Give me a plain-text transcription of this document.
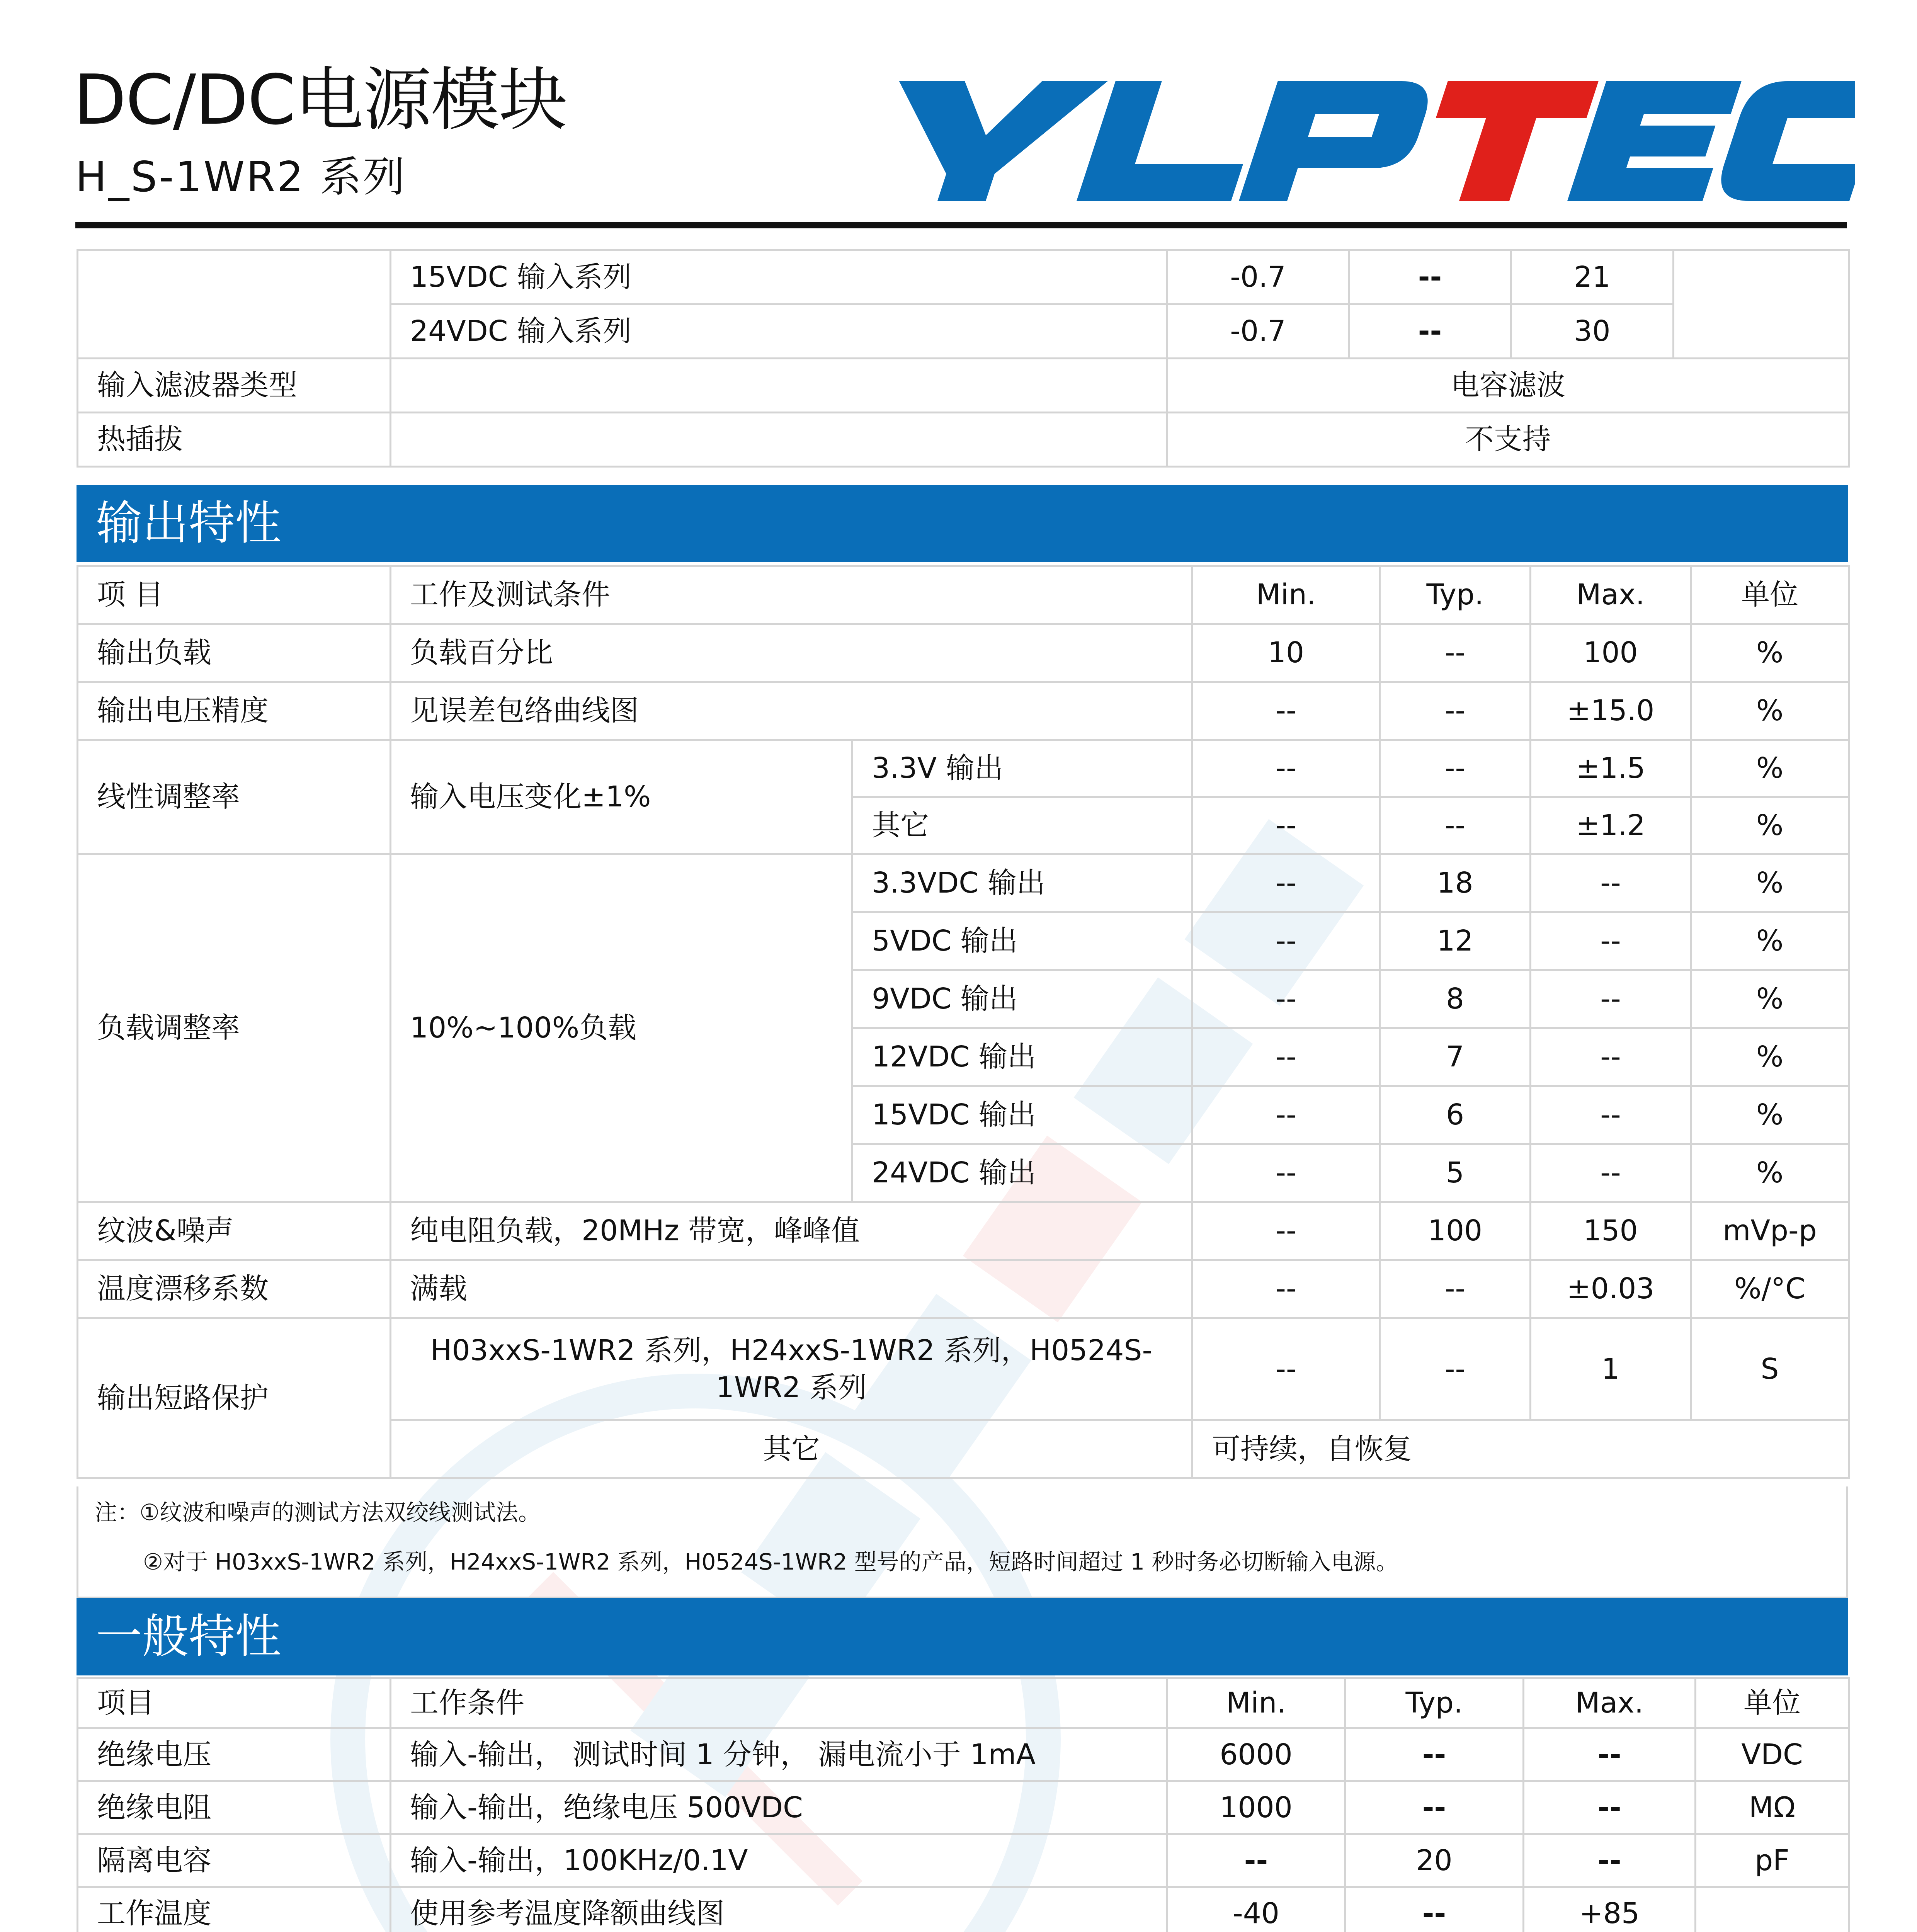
DC/DC电源模块
H_S-1WR2 系列
	15VDC 输入系列	-0.7	--	21	
	24VDC 输入系列	-0.7	--	30	
输入滤波器类型		电容滤波			
热插拔		不支持			
输出特性
项 目	工作及测试条件		Min.	Typ.	Max.	单位
输出负载	负载百分比		10	--	100	%
输出电压精度	见误差包络曲线图		--	--	±15.0	%
线性调整率	输入电压变化±1%	3.3V 输出	--	--	±1.5	%
		其它	--	--	±1.2	%
负载调整率	10%~100%负载	3.3VDC 输出	--	18	--	%
		5VDC 输出	--	12	--	%
		9VDC 输出	--	8	--	%
		12VDC 输出	--	7	--	%
		15VDC 输出	--	6	--	%
		24VDC 输出	--	5	--	%
纹波&噪声	纯电阻负载，20MHz 带宽，峰峰值		--	100	150	mVp-p
温度漂移系数	满载		--	--	±0.03	%/°C
输出短路保护	H03xxS-1WR2 系列，H24xxS-1WR2 系列，H0524S-1WR2 系列		--	--	1	S
	其它		可持续，自恢复			
注：①纹波和噪声的测试方法双绞线测试法。
②对于 H03xxS-1WR2 系列，H24xxS-1WR2 系列，H0524S-1WR2 型号的产品，短路时间超过 1 秒时务必切断输入电源。
一般特性
项目	工作条件	Min.	Typ.	Max.	单位
绝缘电压	输入-输出， 测试时间 1 分钟， 漏电流小于 1mA	6000	--	--	VDC
绝缘电阻	输入-输出，绝缘电压 500VDC	1000	--	--	MΩ
隔离电容	输入-输出，100KHz/0.1V	--	20	--	pF
工作温度	使用参考温度降额曲线图	-40	--	+85	
